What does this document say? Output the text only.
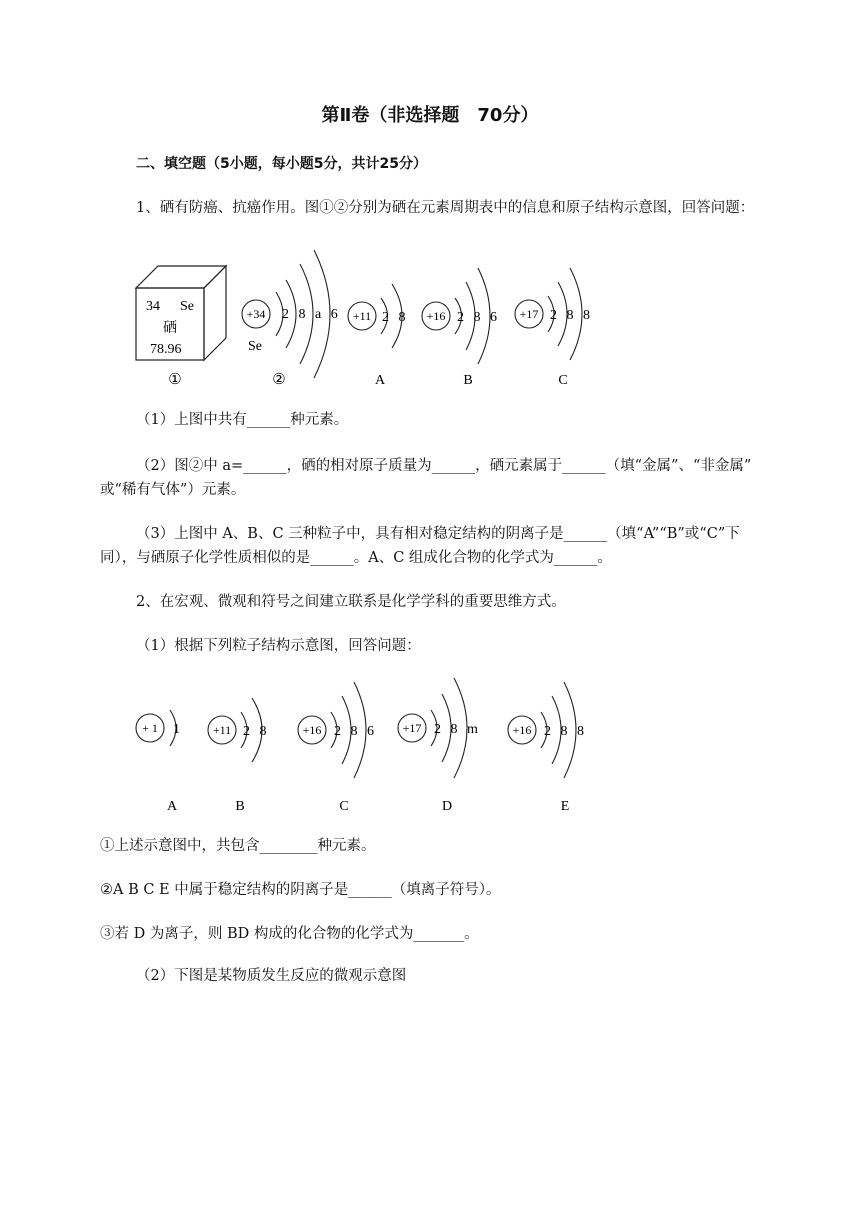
第Ⅱ卷（非选择题　70分）
二、填空题（5小题，每小题5分，共计25分）
1、硒有防癌、抗癌作用。图①②分别为硒在元素周期表中的信息和原子结构示意图，回答问题：
34 Se
硒
78.96
+34 2 8 a 6
Se
+11 2 8 +16 2 8 6 +17 2 8 8
①	②	A	B	C
（1）上图中共有______种元素。
（2）图②中 a=______，硒的相对原子质量为______，硒元素属于______（填“金属”、“非金属”
或“稀有气体”）元素。
（3）上图中 A、B、C 三种粒子中，具有相对稳定结构的阴离子是______（填“A”“B”或“C”下
同），与硒原子化学性质相似的是______。A、C 组成化合物的化学式为______。
2、在宏观、微观和符号之间建立联系是化学学科的重要思维方式。
（1）根据下列粒子结构示意图，回答问题：
+ 1 1	+11 2 8	+16 2 8 6 +17 2 8 m	+16 2 8 8
A	B	C	D	E
①上述示意图中，共包含________种元素。
②A B C E 中属于稳定结构的阴离子是______（填离子符号）。
③若 D 为离子，则 BD 构成的化合物的化学式为_______。
（2）下图是某物质发生反应的微观示意图
